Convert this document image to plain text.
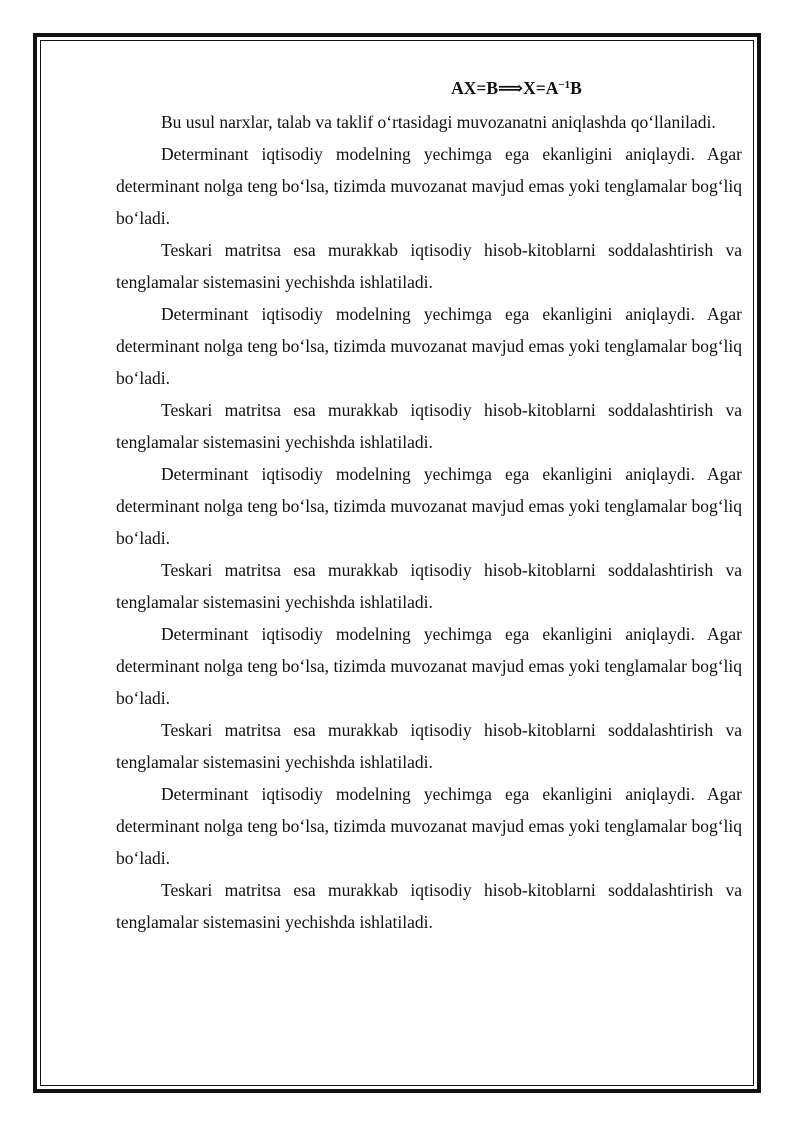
$AX=B⟹X=A^{-1}B$

Bu usul narxlar, talab va taklif o‘rtasidagi muvozanatni aniqlashda qo‘llaniladi.

Determinant iqtisodiy modelning yechimga ega ekanligini aniqlaydi. Agar determinant nolga teng bo‘lsa, tizimda muvozanat mavjud emas yoki tenglamalar bog‘liq bo‘ladi.

Teskari matritsa esa murakkab iqtisodiy hisob-kitoblarni soddalashtirish va tenglamalar sistemasini yechishda ishlatiladi.

Determinant iqtisodiy modelning yechimga ega ekanligini aniqlaydi. Agar determinant nolga teng bo‘lsa, tizimda muvozanat mavjud emas yoki tenglamalar bog‘liq bo‘ladi.

Teskari matritsa esa murakkab iqtisodiy hisob-kitoblarni soddalashtirish va tenglamalar sistemasini yechishda ishlatiladi.

Determinant iqtisodiy modelning yechimga ega ekanligini aniqlaydi. Agar determinant nolga teng bo‘lsa, tizimda muvozanat mavjud emas yoki tenglamalar bog‘liq bo‘ladi.

Teskari matritsa esa murakkab iqtisodiy hisob-kitoblarni soddalashtirish va tenglamalar sistemasini yechishda ishlatiladi.

Determinant iqtisodiy modelning yechimga ega ekanligini aniqlaydi. Agar determinant nolga teng bo‘lsa, tizimda muvozanat mavjud emas yoki tenglamalar bog‘liq bo‘ladi.

Teskari matritsa esa murakkab iqtisodiy hisob-kitoblarni soddalashtirish va tenglamalar sistemasini yechishda ishlatiladi.

Determinant iqtisodiy modelning yechimga ega ekanligini aniqlaydi. Agar determinant nolga teng bo‘lsa, tizimda muvozanat mavjud emas yoki tenglamalar bog‘liq bo‘ladi.

Teskari matritsa esa murakkab iqtisodiy hisob-kitoblarni soddalashtirish va tenglamalar sistemasini yechishda ishlatiladi.
